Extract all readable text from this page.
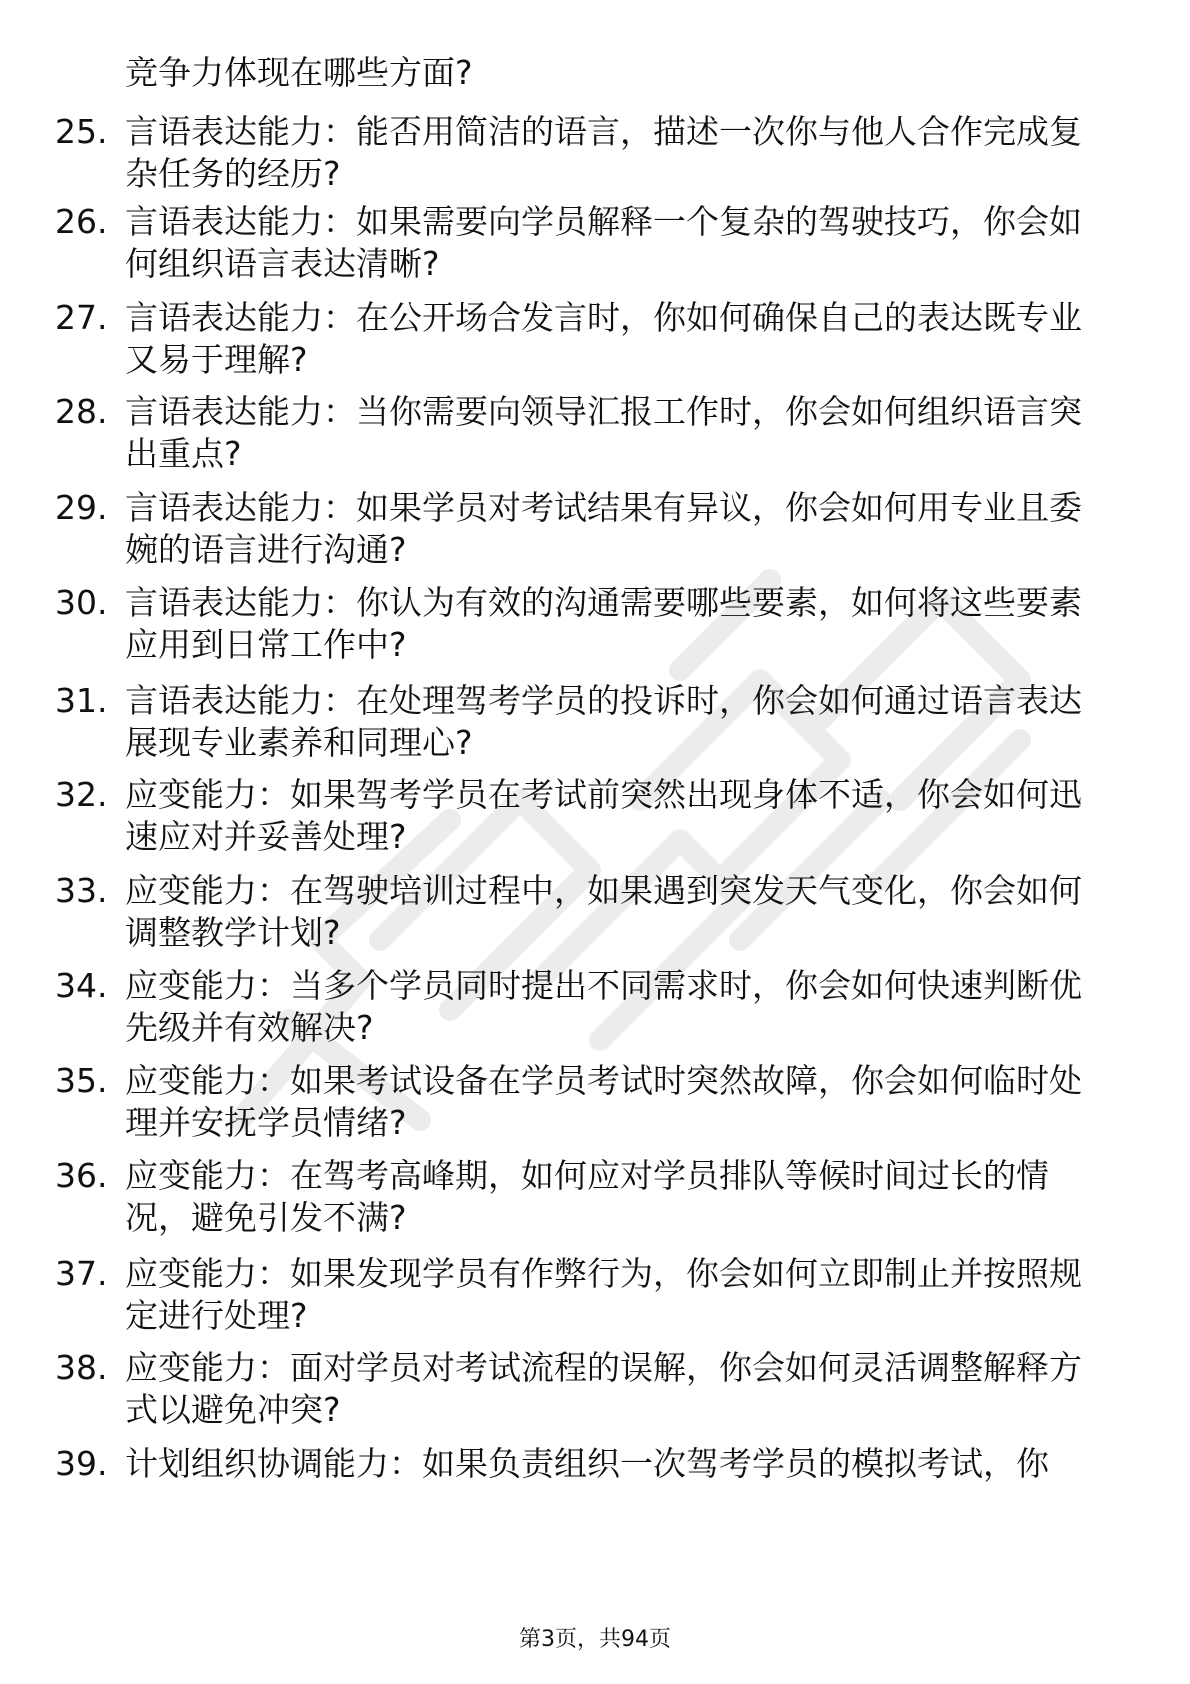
竞争力体现在哪些方面?
25. 言语表达能力：能否用简洁的语言，描述一次你与他人合作完成复杂任务的经历?
26. 言语表达能力：如果需要向学员解释一个复杂的驾驶技巧，你会如何组织语言表达清晰?
27. 言语表达能力：在公开场合发言时，你如何确保自己的表达既专业又易于理解?
28. 言语表达能力：当你需要向领导汇报工作时，你会如何组织语言突出重点?
29. 言语表达能力：如果学员对考试结果有异议，你会如何用专业且委婉的语言进行沟通?
30. 言语表达能力：你认为有效的沟通需要哪些要素，如何将这些要素应用到日常工作中?
31. 言语表达能力：在处理驾考学员的投诉时，你会如何通过语言表达展现专业素养和同理心?
32. 应变能力：如果驾考学员在考试前突然出现身体不适，你会如何迅速应对并妥善处理?
33. 应变能力：在驾驶培训过程中，如果遇到突发天气变化，你会如何调整教学计划?
34. 应变能力：当多个学员同时提出不同需求时，你会如何快速判断优先级并有效解决?
35. 应变能力：如果考试设备在学员考试时突然故障，你会如何临时处理并安抚学员情绪?
36. 应变能力：在驾考高峰期，如何应对学员排队等候时间过长的情况，避免引发不满?
37. 应变能力：如果发现学员有作弊行为，你会如何立即制止并按照规定进行处理?
38. 应变能力：面对学员对考试流程的误解，你会如何灵活调整解释方式以避免冲突?
39. 计划组织协调能力：如果负责组织一次驾考学员的模拟考试，你
第3页，共94页
